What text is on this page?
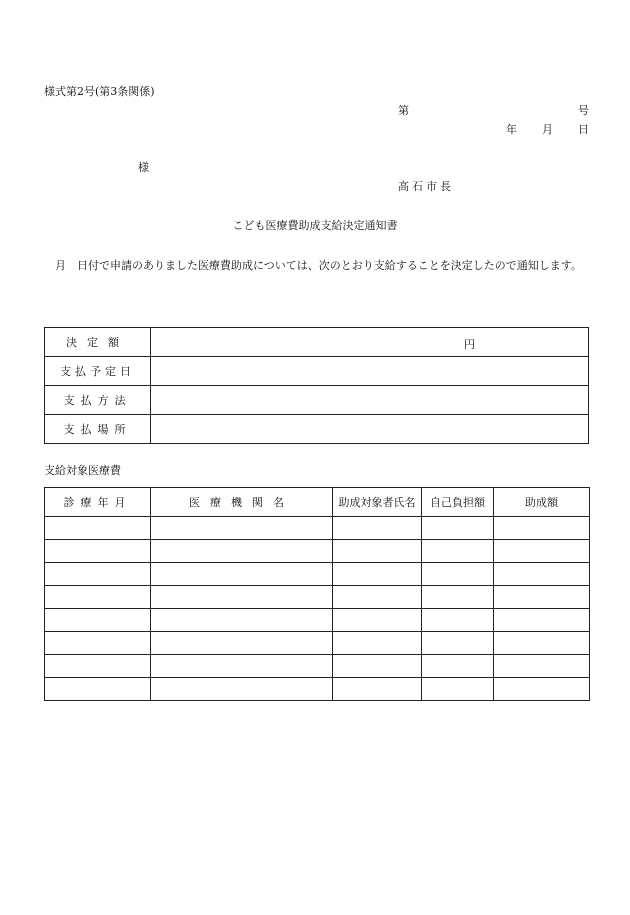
様式第2号(第3条関係)
第	号
年 月 日
様
高石市長
こども医療費助成支給決定通知書
月　日付で申請のありました医療費助成については、次のとおり支給することを決定したので通知します。
決定額	円

支払予定日	
支払方法	
支払場所	
支給対象医療費
診療年月	医療機関名	助成対象者氏名	自己負担額	助成額
